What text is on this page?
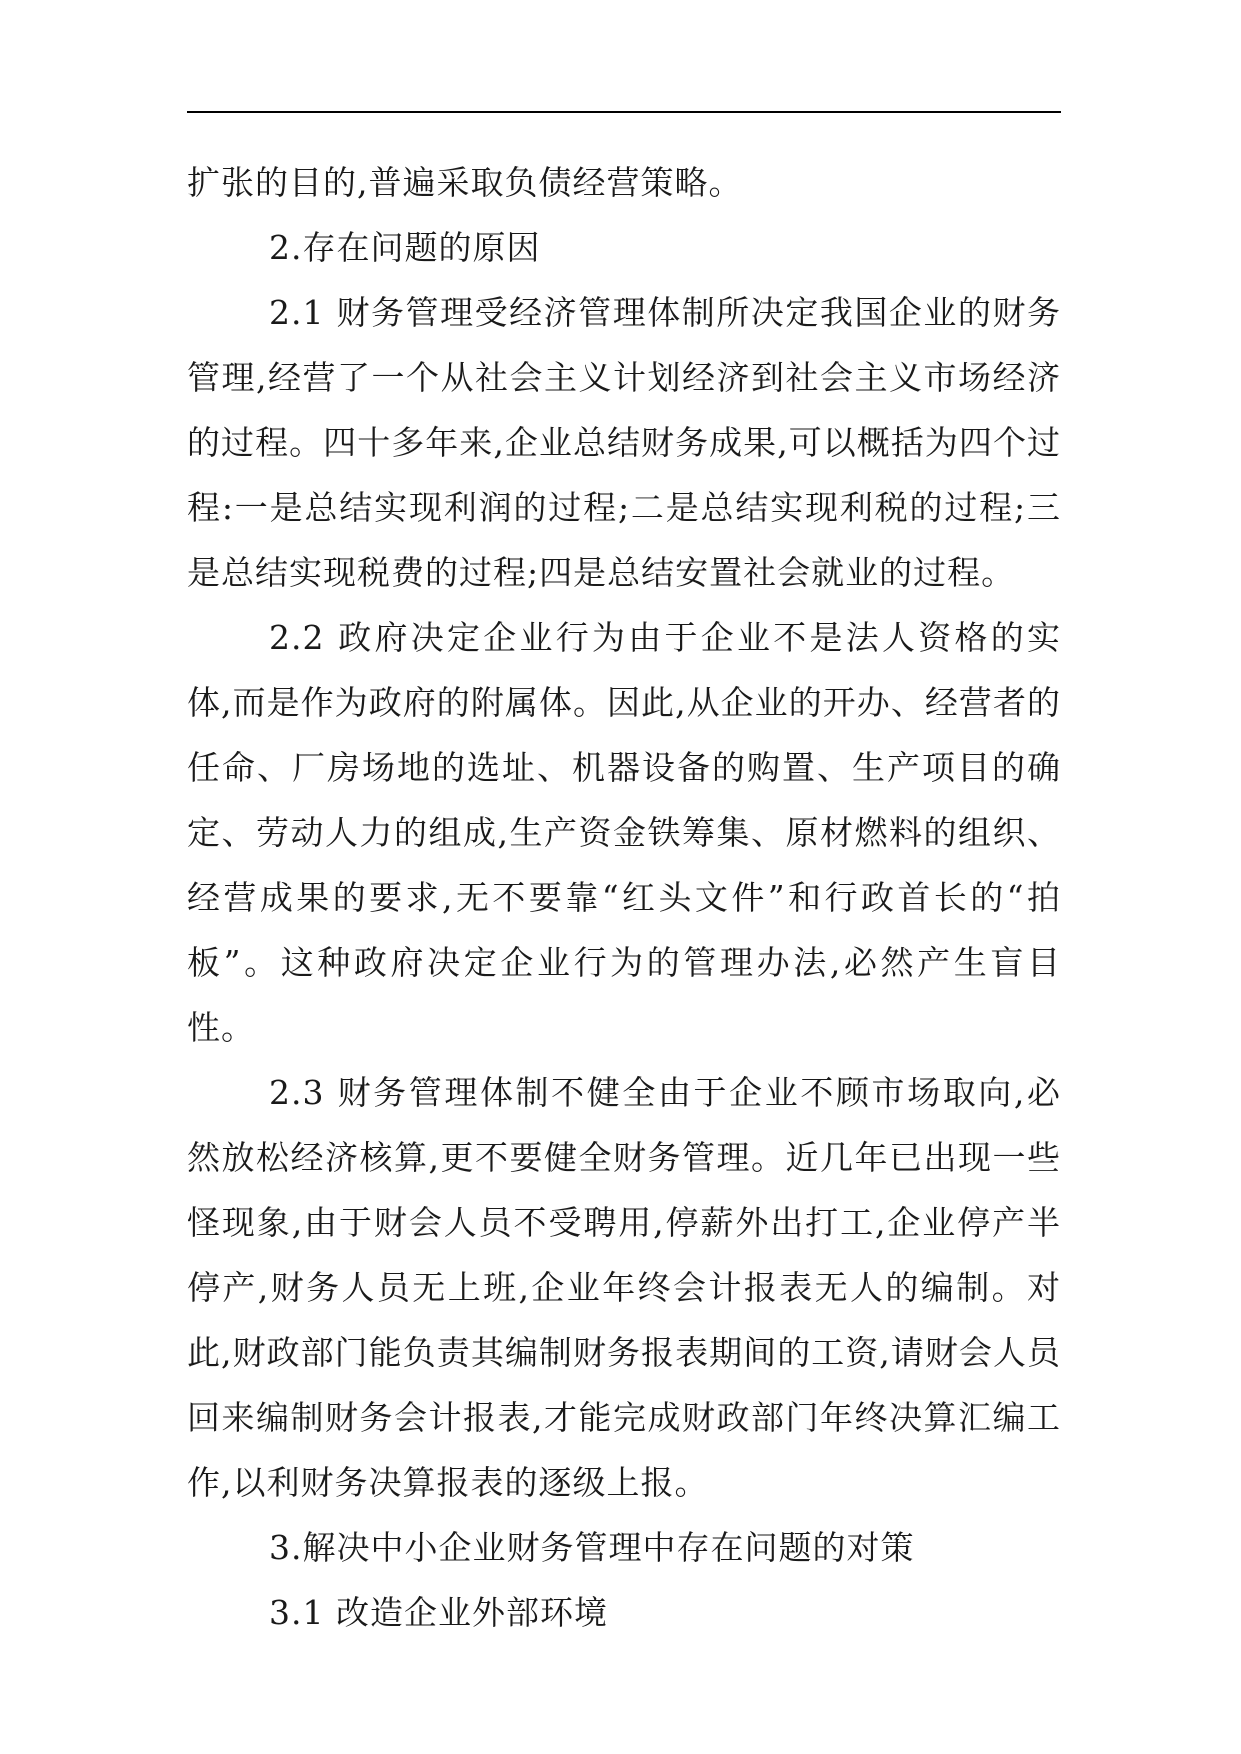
扩张的目的,普遍采取负债经营策略。

2.存在问题的原因

2.1 财务管理受经济管理体制所决定我国企业的财务管理,经营了一个从社会主义计划经济到社会主义市场经济的过程。四十多年来,企业总结财务成果,可以概括为四个过程:一是总结实现利润的过程;二是总结实现利税的过程;三是总结实现税费的过程;四是总结安置社会就业的过程。

2.2 政府决定企业行为由于企业不是法人资格的实体,而是作为政府的附属体。因此,从企业的开办、经营者的任命、厂房场地的选址、机器设备的购置、生产项目的确定、劳动人力的组成,生产资金铁筹集、原材燃料的组织、经营成果的要求,无不要靠“红头文件”和行政首长的“拍板”。这种政府决定企业行为的管理办法,必然产生盲目性。

2.3 财务管理体制不健全由于企业不顾市场取向,必然放松经济核算,更不要健全财务管理。近几年已出现一些怪现象,由于财会人员不受聘用,停薪外出打工,企业停产半停产,财务人员无上班,企业年终会计报表无人的编制。对此,财政部门能负责其编制财务报表期间的工资,请财会人员回来编制财务会计报表,才能完成财政部门年终决算汇编工作,以利财务决算报表的逐级上报。

3.解决中小企业财务管理中存在问题的对策

3.1 改造企业外部环境
